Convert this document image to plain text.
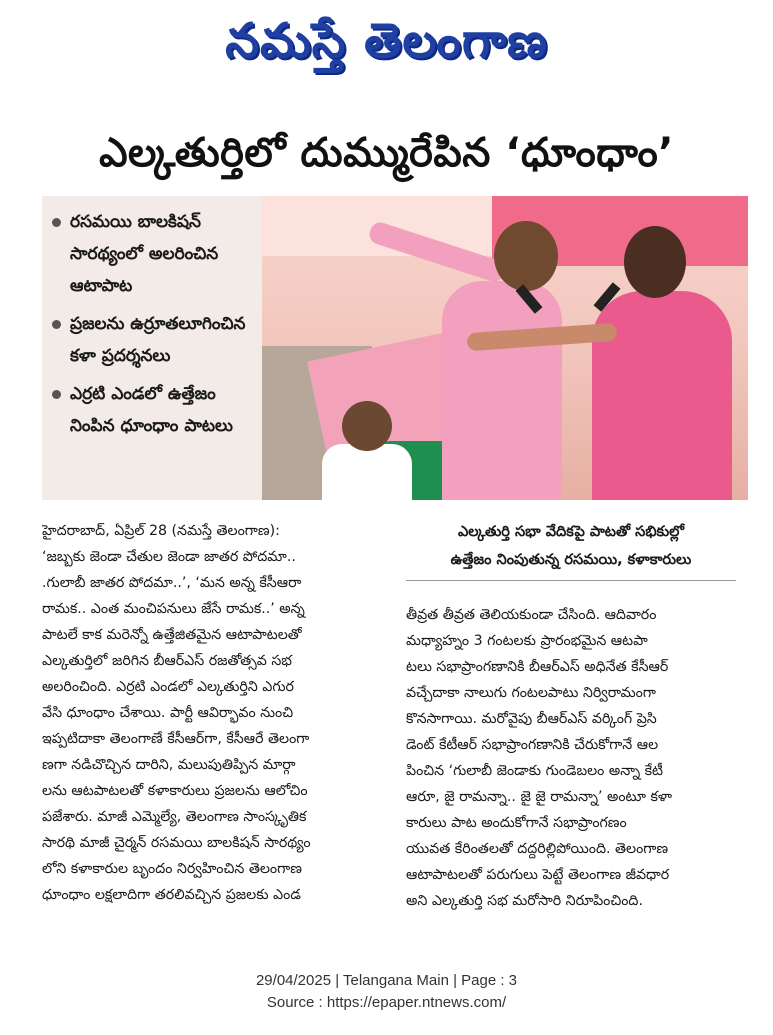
నమస్తే తెలంగాణ
ఎల్కతుర్తిలో దుమ్మురేపిన ‘ధూంధాం’
రసమయి బాలకిషన్ సారథ్యంలో అలరించిన ఆటాపాట
ప్రజలను ఉర్రూతలూగించిన కళా ప్రదర్శనలు
ఎర్రటి ఎండలో ఉత్తేజం నింపిన ధూంధాం పాటలు
ఎల్కతుర్తి సభా వేదికపై పాటతో సభికుల్లో
ఉత్తేజం నింపుతున్న రసమయి, కళాకారులు
హైదరాబాద్, ఏప్రిల్ 28 (నమస్తే తెలంగాణ):
‘జబ్బకు జెండా చేతుల జెండా జాతర పోదమా..
.గులాబీ జాతర పోదమా..’, ‘మన అన్న కేసీఆరా
రామక.. ఎంత మంచిపనులు జేసే రామక..’ అన్న
పాటలే కాక మరెన్నో ఉత్తేజితమైన ఆటాపాటలతో
ఎల్కతుర్తిలో జరిగిన బీఆర్ఎస్ రజతోత్సవ సభ
అలరించింది. ఎర్రటి ఎండలో ఎల్కతుర్తిని ఎగుర
వేసి ధూంధాం చేశాయి. పార్టీ ఆవిర్భావం నుంచి
ఇప్పటిదాకా తెలంగాణే కేసీఆర్‌గా, కేసీఆరే తెలంగా
ణగా నడిచొచ్చిన దారిని, మలుపుతిప్పిన మార్గా
లను ఆటపాటలతో కళాకారులు ప్రజలను ఆలోచిం
పజేశారు. మాజీ ఎమ్మెల్యే, తెలంగాణ సాంస్కృతిక
సారథి మాజీ చైర్మన్ రసమయి బాలకిషన్ సారథ్యం
లోని కళాకారుల బృందం నిర్వహించిన తెలంగాణ
ధూంధాం లక్షలాదిగా తరలివచ్చిన ప్రజలకు ఎండ
తీవ్రత తీవ్రత తెలియకుండా చేసింది. ఆదివారం
మధ్యాహ్నం 3 గంటలకు ప్రారంభమైన ఆటపా
టలు సభాప్రాంగణానికి బీఆర్ఎస్ అధినేత కేసీఆర్
వచ్చేదాకా నాలుగు గంటలపాటు నిర్విరామంగా
కొనసాగాయి. మరోవైపు బీఆర్ఎస్ వర్కింగ్ ప్రెసి
డెంట్ కేటీఆర్ సభాప్రాంగణానికి చేరుకోగానే ఆల
పించిన ‘గులాబీ జెండాకు గుండెబలం అన్నా కేటీ
ఆరూ, జై రామన్నా.. జై జై రామన్నా’ అంటూ కళా
కారులు పాట అందుకోగానే సభాప్రాంగణం
యువత కేరింతలతో దద్దరిల్లిపోయింది. తెలంగాణ
ఆటాపాటలతో పరుగులు పెట్టే తెలంగాణ జీవధార
అని ఎల్కతుర్తి సభ మరోసారి నిరూపించింది.
29/04/2025 | Telangana Main | Page : 3
Source : https://epaper.ntnews.com/
